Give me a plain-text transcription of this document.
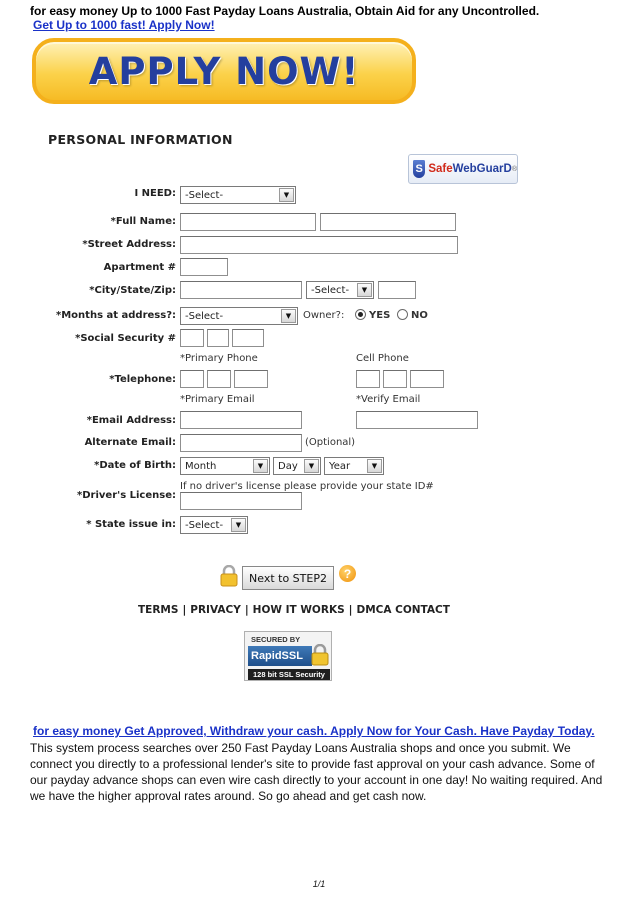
for easy money Up to 1000 Fast Payday Loans Australia, Obtain Aid for any Uncontrolled.
Get Up to 1000 fast! Apply Now!
APPLY NOW!
PERSONAL INFORMATION
S Safe WebGuarD ®
I NEED: -Select-	▼
*Full Name:
*Street Address:
Apartment #
*City/State/Zip:	-Select-	▼
*Months at address?: -Select-	▼	Owner?: YES NO
*Social Security #
*Primary Phone	Cell Phone
*Telephone:
*Primary Email	*Verify Email
*Email Address:
Alternate Email:	(Optional)
*Date of Birth: Month	▼	Day	▼	Year	▼
If no driver's license please provide your state ID#
*Driver's License:
* State issue in: -Select-	▼
Next to STEP2	?
TERMS | PRIVACY | HOW IT WORKS | DMCA CONTACT
SECURED BY
RapidSSL
128 bit SSL Security
for easy money Get Approved, Withdraw your cash. Apply Now for Your Cash. Have Payday Today.
This system process searches over 250 Fast Payday Loans Australia shops and once you submit. We connect you directly to a professional lender's site to provide fast approval on your cash advance. Some of our payday advance shops can even wire cash directly to your account in one day! No waiting required. And we have the higher approval rates around. So go ahead and get cash now.
1/1
